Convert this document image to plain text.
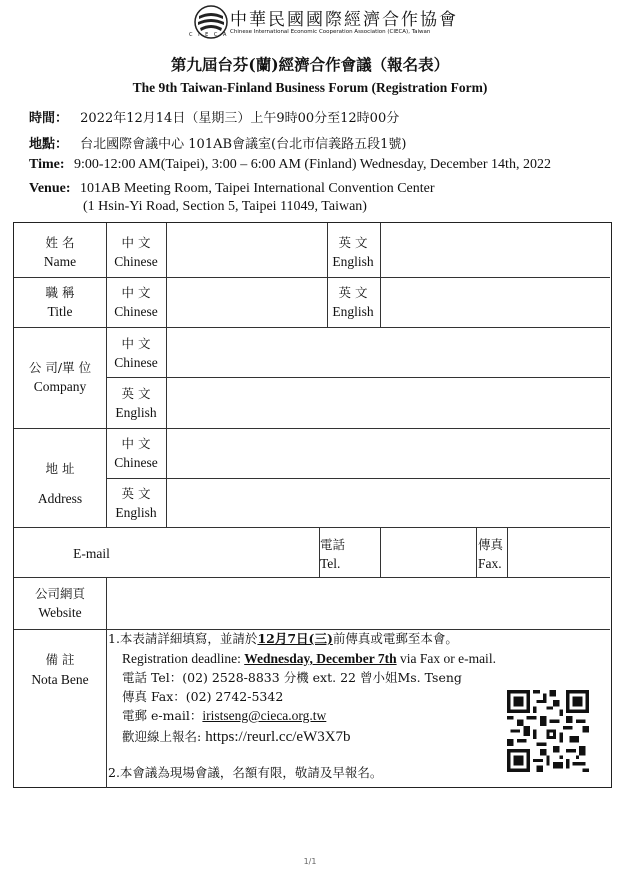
中華民國國際經濟合作協會
C I E C A Chinese International Economic Cooperation Association (CIECA), Taiwan
第九屆台芬(蘭)經濟合作會議（報名表）
The 9th Taiwan-Finland Business Forum (Registration Form)
時間： 2022年12月14日（星期三）上午9時00分至12時00分
地點： 台北國際會議中心 101AB會議室(台北市信義路五段1號)
Time: 9:00-12:00 AM(Taipei), 3:00 – 6:00 AM (Finland) Wednesday, December 14th, 2022
Venue: 101AB Meeting Room, Taipei International Convention Center
(1 Hsin-Yi Road, Section 5, Taipei 11049, Taiwan)
姓 名
Name
中 文
Chinese
英 文
English
職 稱
Title
中 文
Chinese
英 文
English
公 司/單 位
Company
中 文
Chinese
英 文
English
地 址
Address
中 文
Chinese
英 文
English
E-mail
電話
Tel.
傳真
Fax.
公司網頁
Website
備 註
Nota Bene
1.本表請詳細填寫，並請於12月7日(三)前傳真或電郵至本會。
Registration deadline: Wednesday, December 7th via Fax or e-mail.
電話 Tel：(02) 2528-8833 分機 ext. 22 曾小姐Ms. Tseng
傳真 Fax：(02) 2742-5342
電郵 e-mail：iristseng@cieca.org.tw
歡迎線上報名: https://reurl.cc/eW3X7b
2.本會議為現場會議，名額有限，敬請及早報名。
1/1
